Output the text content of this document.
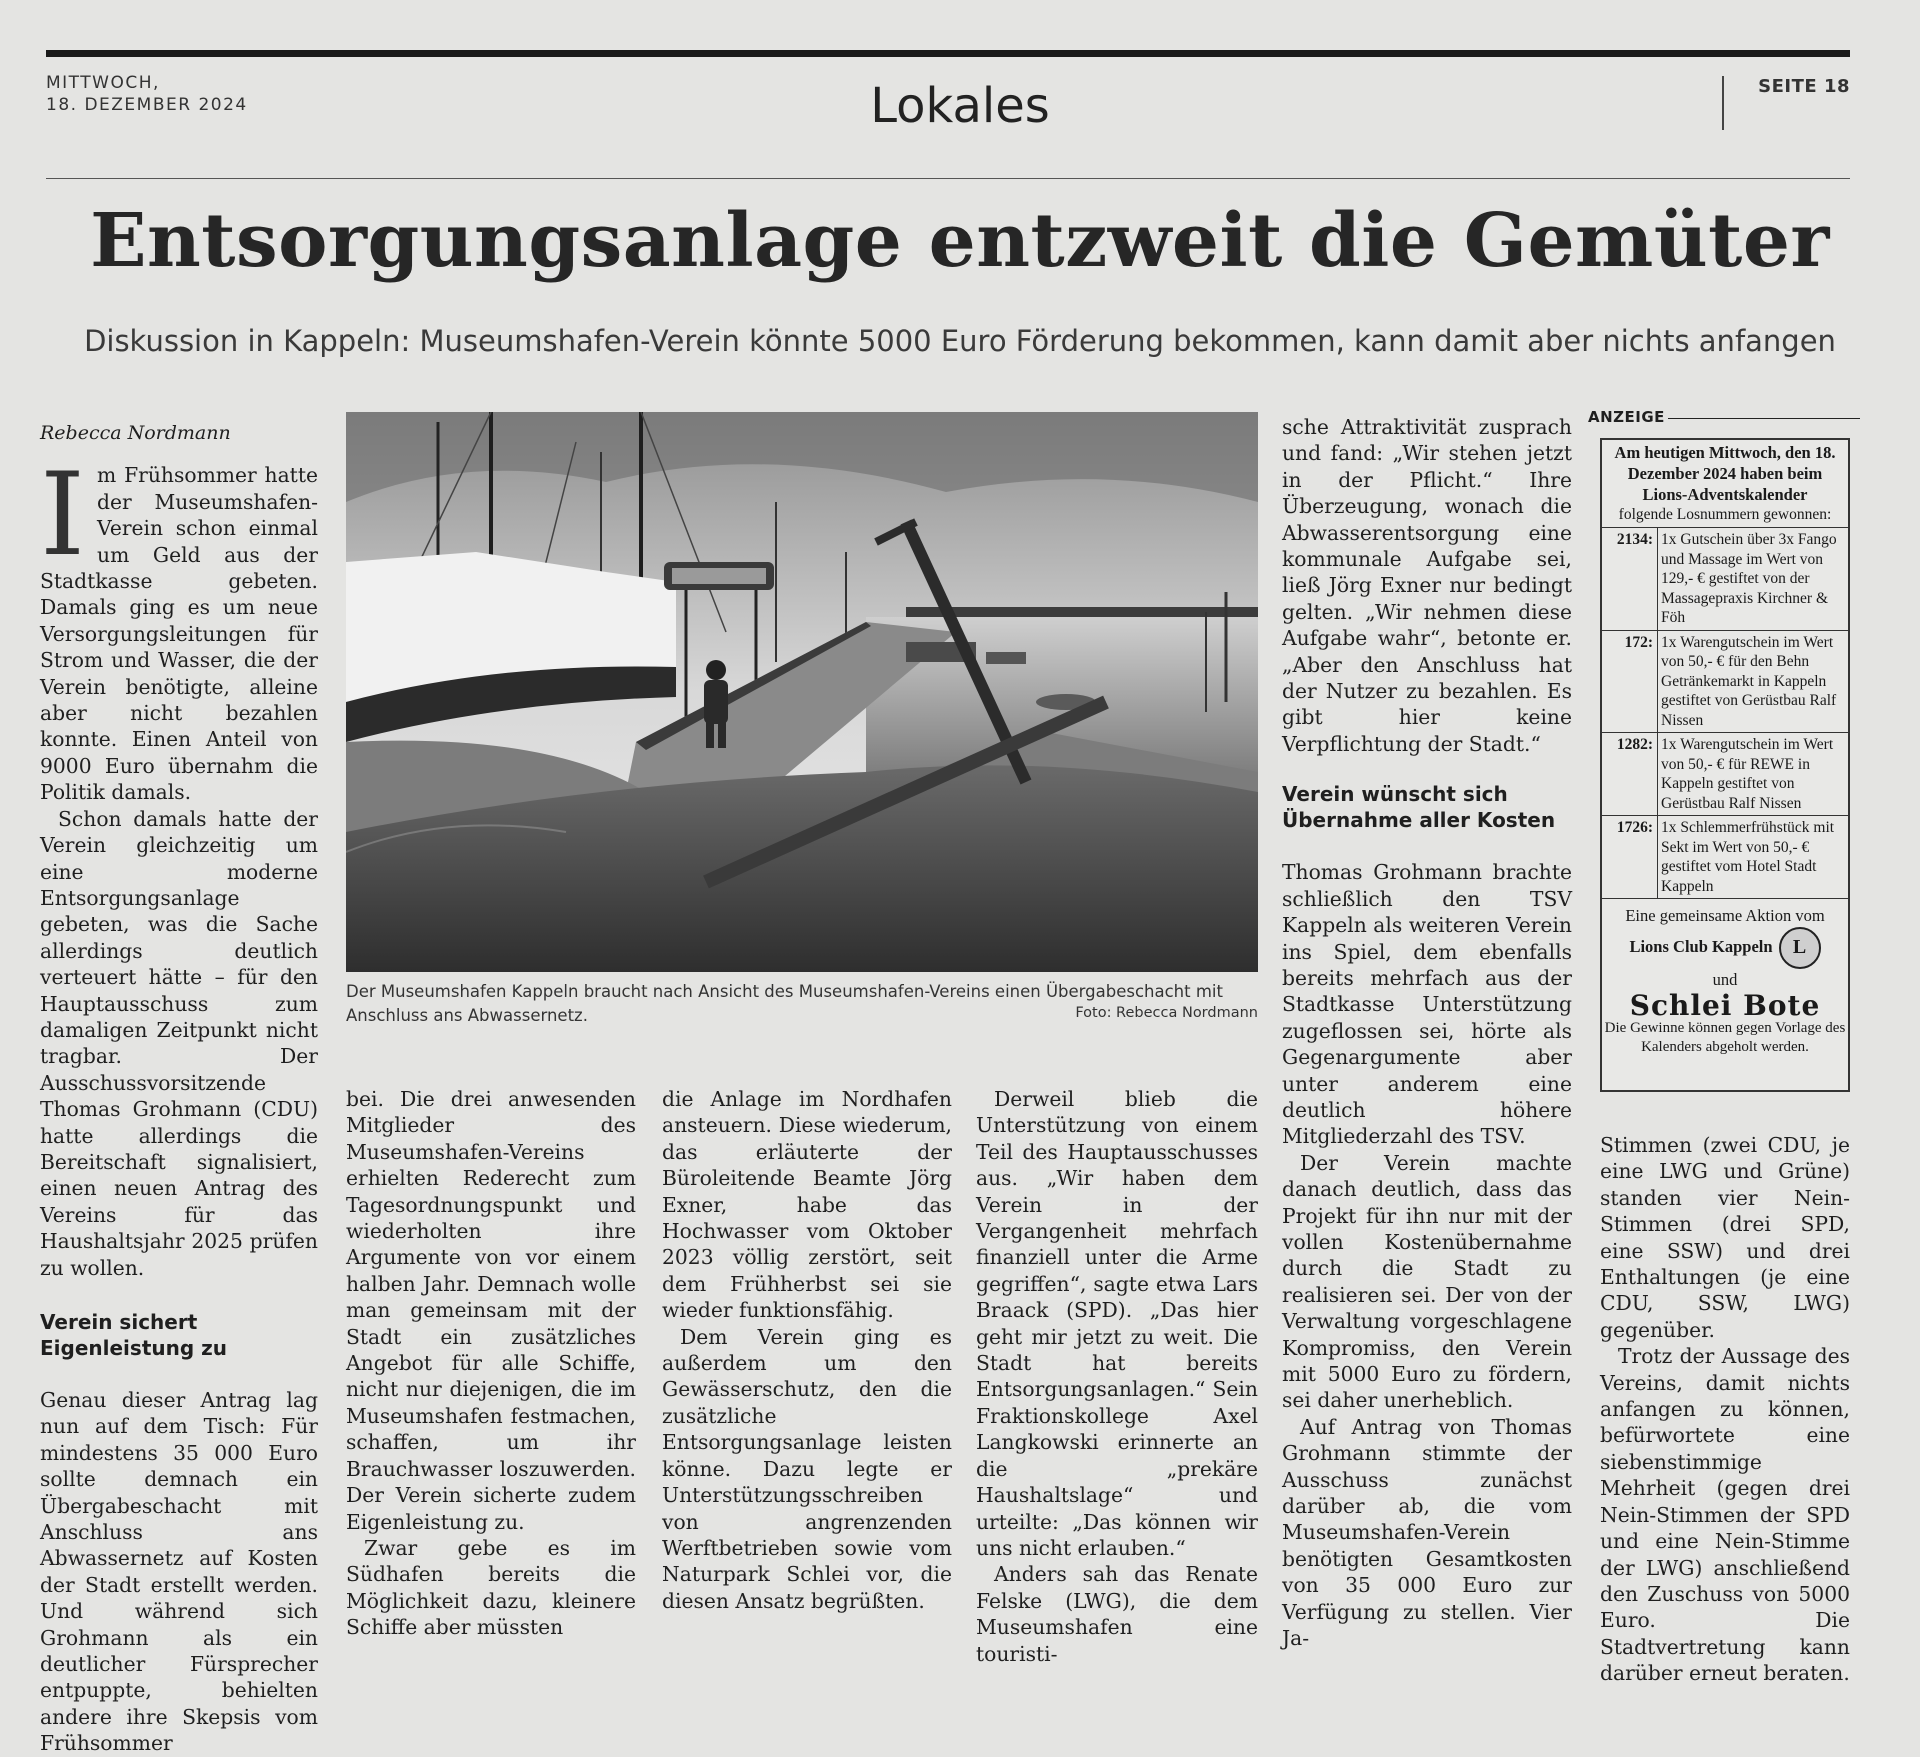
MITTWOCH,
18. DEZEMBER 2024	Lokales	SEITE 18
Entsorgungsanlage entzweit die Gemüter
Diskussion in Kappeln: Museumshafen-Verein könnte 5000 Euro Förderung bekommen, kann damit aber nichts anfangen
Rebecca Nordmann

Im Frühsommer hatte der Museumshafen-Verein schon einmal um Geld aus der Stadtkasse gebeten. Damals ging es um neue Versorgungsleitungen für Strom und Wasser, die der Verein benötigte, alleine aber nicht bezahlen konnte. Einen Anteil von 9000 Euro übernahm die Politik damals.

Schon damals hatte der Verein gleichzeitig um eine moderne Entsorgungsanlage gebeten, was die Sache allerdings deutlich verteuert hätte – für den Hauptausschuss zum damaligen Zeitpunkt nicht tragbar. Der Ausschussvorsitzende Thomas Grohmann (CDU) hatte allerdings die Bereitschaft signalisiert, einen neuen Antrag des Vereins für das Haushaltsjahr 2025 prüfen zu wollen.

Verein sichert Eigenleistung zu

Genau dieser Antrag lag nun auf dem Tisch: Für mindestens 35 000 Euro sollte demnach ein Übergabeschacht mit Anschluss ans Abwassernetz auf Kosten der Stadt erstellt werden. Und während sich Grohmann als ein deutlicher Fürsprecher entpuppte, behielten andere ihre Skepsis vom Frühsommer

Der Museumshafen Kappeln braucht nach Ansicht des Museumshafen-Vereins einen Übergabeschacht mit Anschluss ans Abwassernetz.	Foto: Rebecca Nordmann

bei. Die drei anwesenden Mitglieder des Museumshafen-Vereins erhielten Rederecht zum Tagesordnungspunkt und wiederholten ihre Argumente von vor einem halben Jahr. Demnach wolle man gemeinsam mit der Stadt ein zusätzliches Angebot für alle Schiffe, nicht nur diejenigen, die im Museumshafen festmachen, schaffen, um ihr Brauchwasser loszuwerden. Der Verein sicherte zudem Eigenleistung zu.

Zwar gebe es im Südhafen bereits die Möglichkeit dazu, kleinere Schiffe aber müssten

die Anlage im Nordhafen ansteuern. Diese wiederum, das erläuterte der Büroleitende Beamte Jörg Exner, habe das Hochwasser vom Oktober 2023 völlig zerstört, seit dem Frühherbst sei sie wieder funktionsfähig.

Dem Verein ging es außerdem um den Gewässerschutz, den die zusätzliche Entsorgungsanlage leisten könne. Dazu legte er Unterstützungsschreiben von angrenzenden Werftbetrieben sowie vom Naturpark Schlei vor, die diesen Ansatz begrüßten.

Derweil blieb die Unterstützung von einem Teil des Hauptausschusses aus. „Wir haben dem Verein in der Vergangenheit mehrfach finanziell unter die Arme gegriffen“, sagte etwa Lars Braack (SPD). „Das hier geht mir jetzt zu weit. Die Stadt hat bereits Entsorgungsanlagen.“ Sein Fraktionskollege Axel Langkowski erinnerte an die „prekäre Haushaltslage“ und urteilte: „Das können wir uns nicht erlauben.“

Anders sah das Renate Felske (LWG), die dem Museumshafen eine touristi-

sche Attraktivität zusprach und fand: „Wir stehen jetzt in der Pflicht.“ Ihre Überzeugung, wonach die Abwasserentsorgung eine kommunale Aufgabe sei, ließ Jörg Exner nur bedingt gelten. „Wir nehmen diese Aufgabe wahr“, betonte er. „Aber den Anschluss hat der Nutzer zu bezahlen. Es gibt hier keine Verpflichtung der Stadt.“

Verein wünscht sich Übernahme aller Kosten

Thomas Grohmann brachte schließlich den TSV Kappeln als weiteren Verein ins Spiel, dem ebenfalls bereits mehrfach aus der Stadtkasse Unterstützung zugeflossen sei, hörte als Gegenargumente aber unter anderem eine deutlich höhere Mitgliederzahl des TSV.

Der Verein machte danach deutlich, dass das Projekt für ihn nur mit der vollen Kostenübernahme durch die Stadt zu realisieren sei. Der von der Verwaltung vorgeschlagene Kompromiss, den Verein mit 5000 Euro zu fördern, sei daher unerheblich.

Auf Antrag von Thomas Grohmann stimmte der Ausschuss zunächst darüber ab, die vom Museumshafen-Verein benötigten Gesamtkosten von 35 000 Euro zur Verfügung zu stellen. Vier Ja-

Stimmen (zwei CDU, je eine LWG und Grüne) standen vier Nein-Stimmen (drei SPD, eine SSW) und drei Enthaltungen (je eine CDU, SSW, LWG) gegenüber.

Trotz der Aussage des Vereins, damit nichts anfangen zu können, befürwortete eine siebenstimmige Mehrheit (gegen drei Nein-Stimmen der SPD und eine Nein-Stimme der LWG) anschließend den Zuschuss von 5000 Euro. Die Stadtvertretung kann darüber erneut beraten.

ANZEIGE
Am heutigen Mittwoch, den 18. Dezember 2024 haben beim Lions-Adventskalender
folgende Losnummern gewonnen:
2134:	1x Gutschein über 3x Fango und Massage im Wert von 129,- € gestiftet von der Massagepraxis Kirchner & Föh
172:	1x Warengutschein im Wert von 50,- € für den Behn Getränkemarkt in Kappeln gestiftet von Gerüstbau Ralf Nissen
1282:	1x Warengutschein im Wert von 50,- € für REWE in Kappeln gestiftet von Gerüstbau Ralf Nissen
1726:	1x Schlemmerfrühstück mit Sekt im Wert von 50,- € gestiftet vom Hotel Stadt Kappeln
Eine gemeinsame Aktion vom
Lions Club Kappeln L
und
Schlei Bote
Die Gewinne können gegen Vorlage des Kalenders abgeholt werden.
